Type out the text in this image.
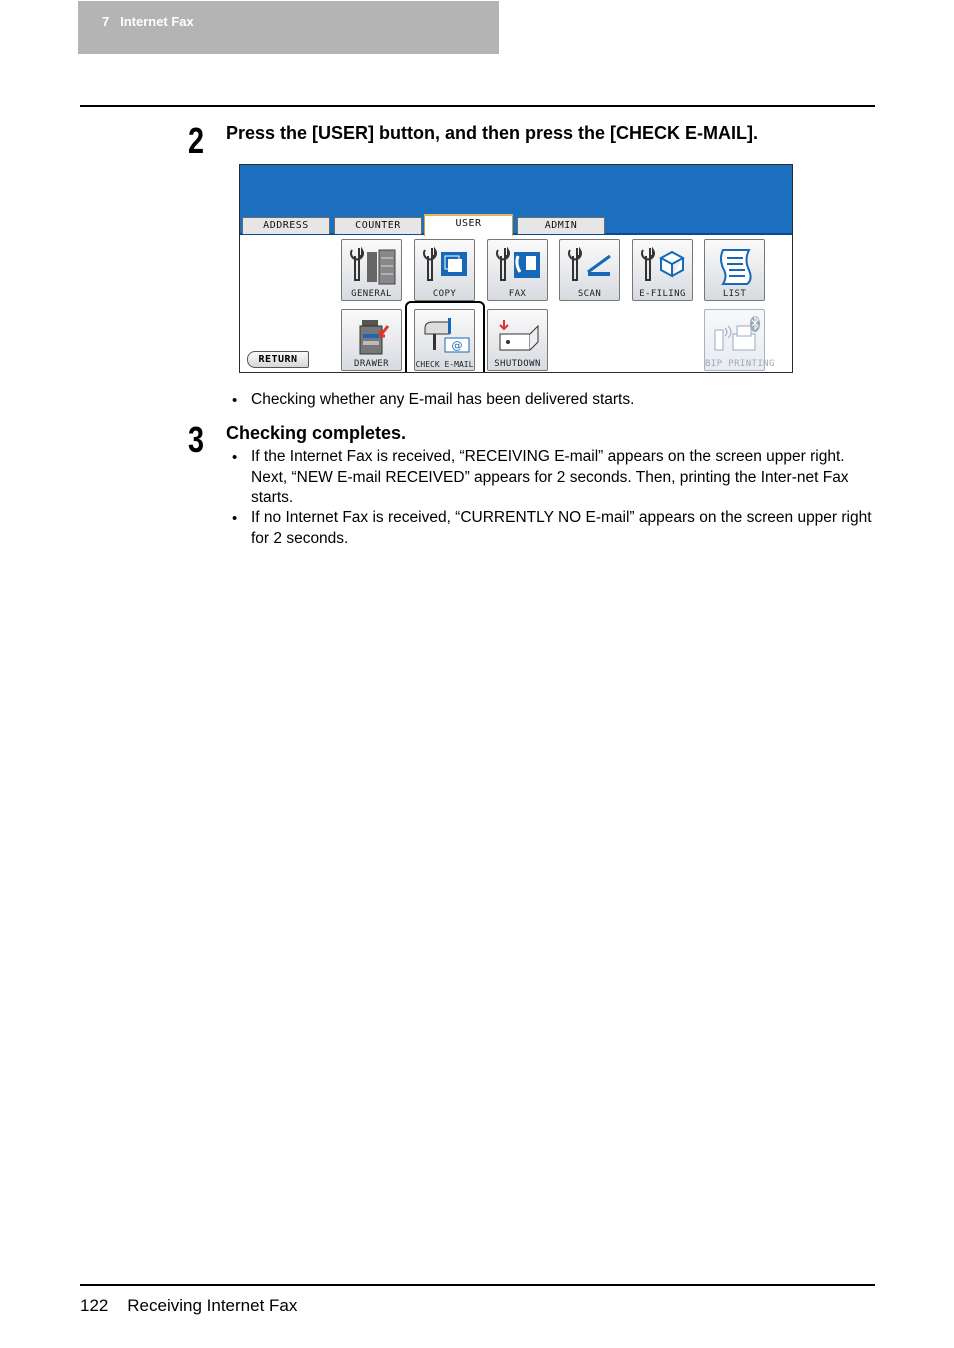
7 Internet Fax
2 Press the [USER] button, and then press the [CHECK E-MAIL].
ADDRESS	COUNTER	USER	ADMIN
GENERAL	COPY	FAX	SCAN	E-FILING	LIST
RETURN	DRAWER
@
CHECK E-MAIL	SHUTDOWN	BIP PRINTING
• Checking whether any E-mail has been delivered starts.
3 Checking completes.
• If the Internet Fax is received, “RECEIVING E-mail” appears on the screen upper right. Next, “NEW E-mail RECEIVED” appears for 2 seconds. Then, printing the Inter-net Fax starts.
• If no Internet Fax is received, “CURRENTLY NO E-mail” appears on the screen upper right for 2 seconds.
122 Receiving Internet Fax
